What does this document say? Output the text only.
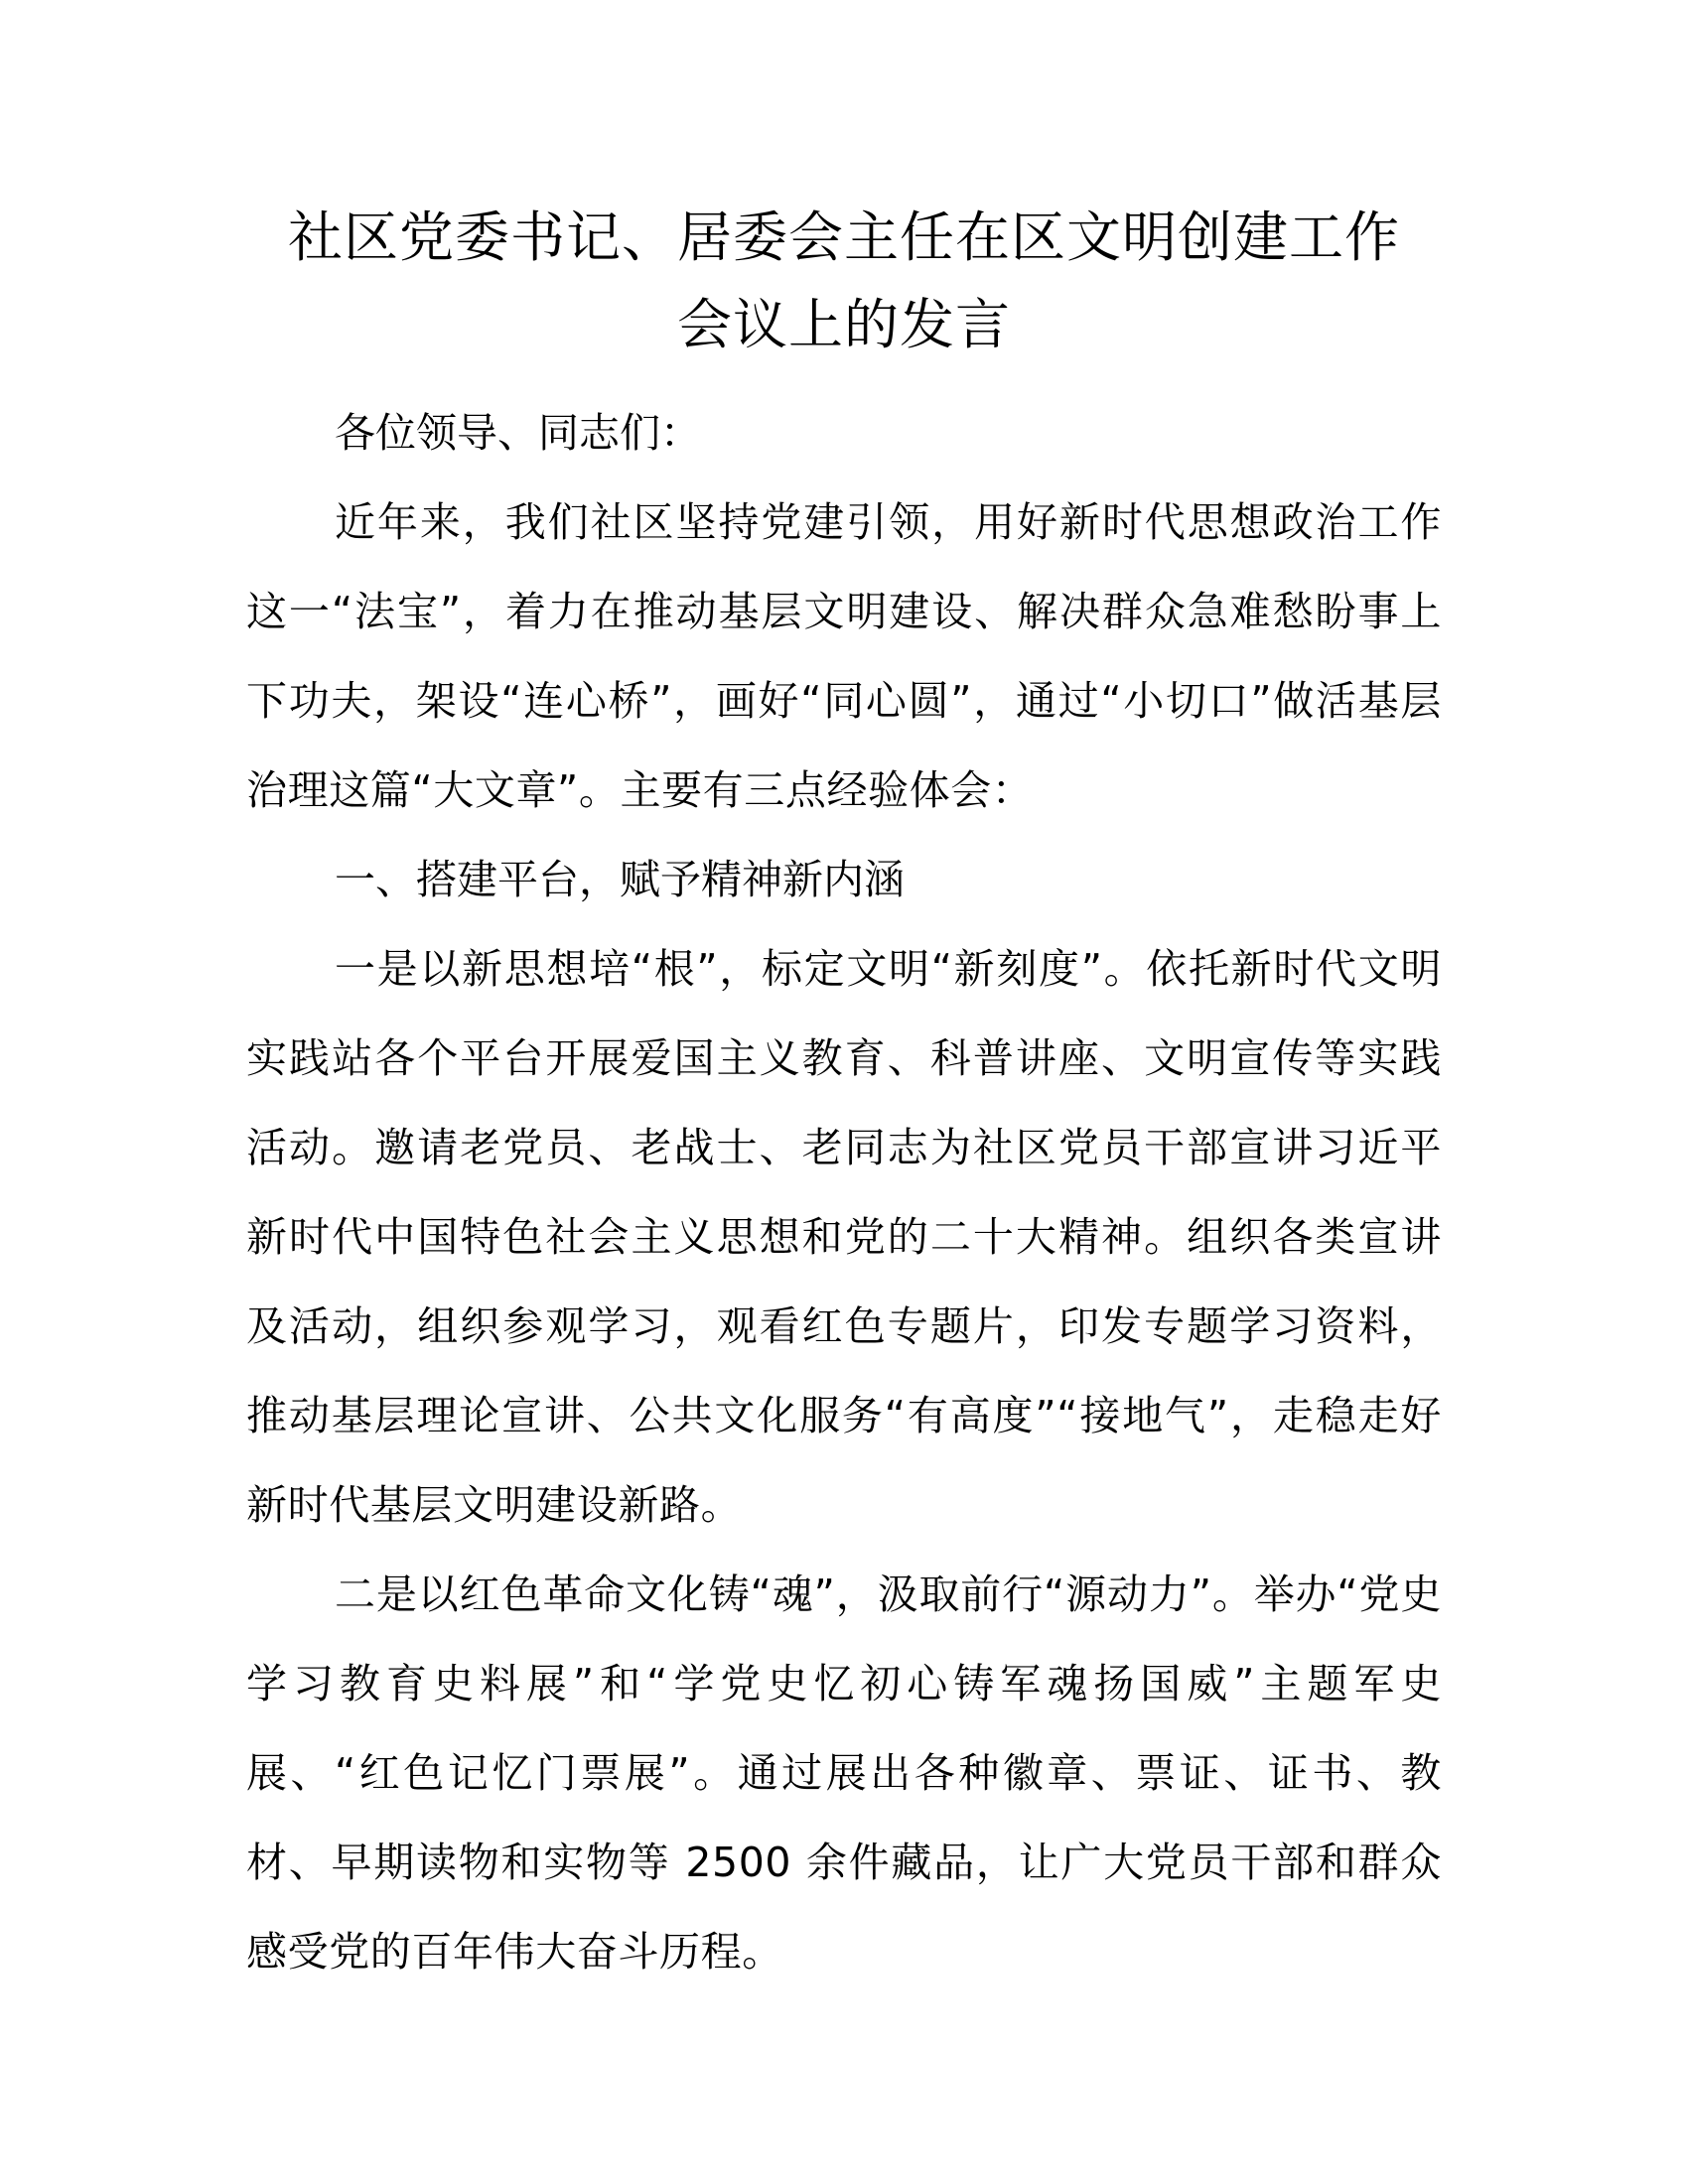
社区党委书记、居委会主任在区文明创建工作
会议上的发言

各位领导、同志们：

近年来，我们社区坚持党建引领，用好新时代思想政治工作这一“法宝”，着力在推动基层文明建设、解决群众急难愁盼事上下功夫，架设“连心桥”，画好“同心圆”，通过“小切口”做活基层治理这篇“大文章”。主要有三点经验体会：

一、搭建平台，赋予精神新内涵

一是以新思想培“根”，标定文明“新刻度”。依托新时代文明实践站各个平台开展爱国主义教育、科普讲座、文明宣传等实践活动。邀请老党员、老战士、老同志为社区党员干部宣讲习近平新时代中国特色社会主义思想和党的二十大精神。组织各类宣讲及活动，组织参观学习，观看红色专题片，印发专题学习资料，推动基层理论宣讲、公共文化服务“有高度”“接地气”，走稳走好新时代基层文明建设新路。

二是以红色革命文化铸“魂”，汲取前行“源动力”。举办“党史学习教育史料展”和“学党史忆初心铸军魂扬国威”主题军史展、“红色记忆门票展”。通过展出各种徽章、票证、证书、教材、早期读物和实物等 2500 余件藏品，让广大党员干部和群众感受党的百年伟大奋斗历程。
